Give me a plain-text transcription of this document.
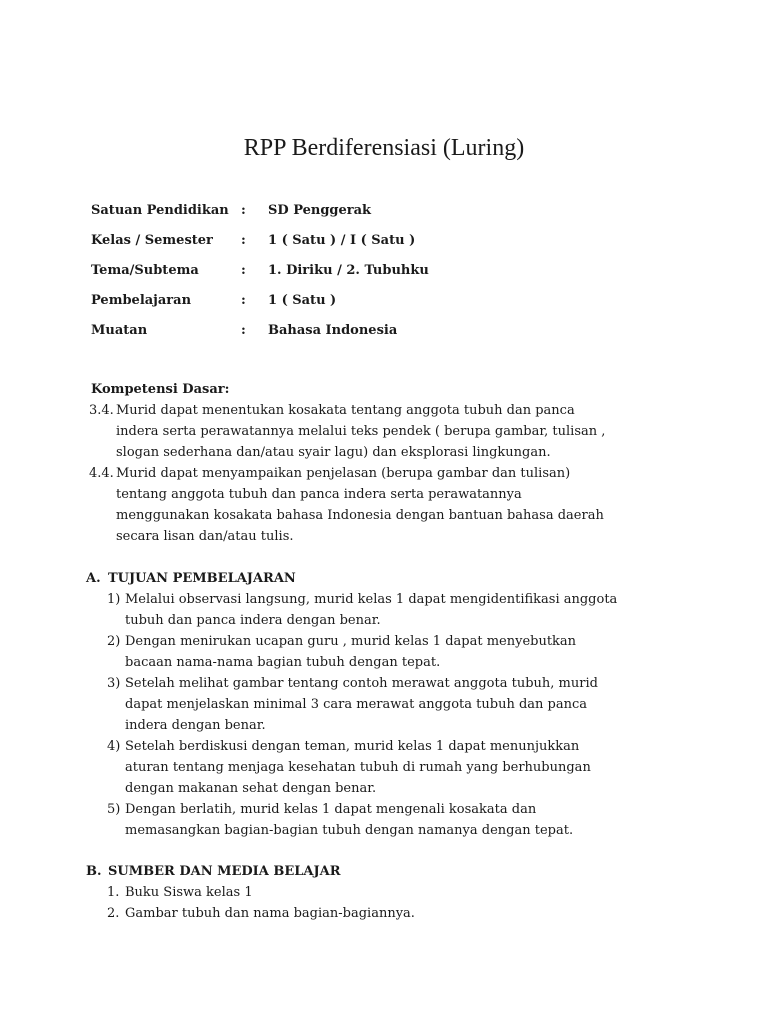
RPP Berdiferensiasi (Luring)
Satuan Pendidikan : SD Penggerak
Kelas / Semester : 1 ( Satu ) / I ( Satu )
Tema/Subtema	: 1. Diriku / 2. Tubuhku
Pembelajaran	: 1 ( Satu )
Muatan	: Bahasa Indonesia
Kompetensi Dasar:
3.4. Murid dapat menentukan kosakata tentang anggota tubuh dan panca
indera serta perawatannya melalui teks pendek ( berupa gambar, tulisan ,
slogan sederhana dan/atau syair lagu) dan eksplorasi lingkungan.
4.4. Murid dapat menyampaikan penjelasan (berupa gambar dan tulisan)
tentang anggota tubuh dan panca indera serta perawatannya
menggunakan kosakata bahasa Indonesia dengan bantuan bahasa daerah
secara lisan dan/atau tulis.
A. TUJUAN PEMBELAJARAN
1) Melalui observasi langsung, murid kelas 1 dapat mengidentifikasi anggota
tubuh dan panca indera dengan benar.
2) Dengan menirukan ucapan guru , murid kelas 1 dapat menyebutkan
bacaan nama-nama bagian tubuh dengan tepat.
3) Setelah melihat gambar tentang contoh merawat anggota tubuh, murid
dapat menjelaskan minimal 3 cara merawat anggota tubuh dan panca
indera dengan benar.
4) Setelah berdiskusi dengan teman, murid kelas 1 dapat menunjukkan
aturan tentang menjaga kesehatan tubuh di rumah yang berhubungan
dengan makanan sehat dengan benar.
5) Dengan berlatih, murid kelas 1 dapat mengenali kosakata dan
memasangkan bagian-bagian tubuh dengan namanya dengan tepat.
B. SUMBER DAN MEDIA BELAJAR
1. Buku Siswa kelas 1
2. Gambar tubuh dan nama bagian-bagiannya.
